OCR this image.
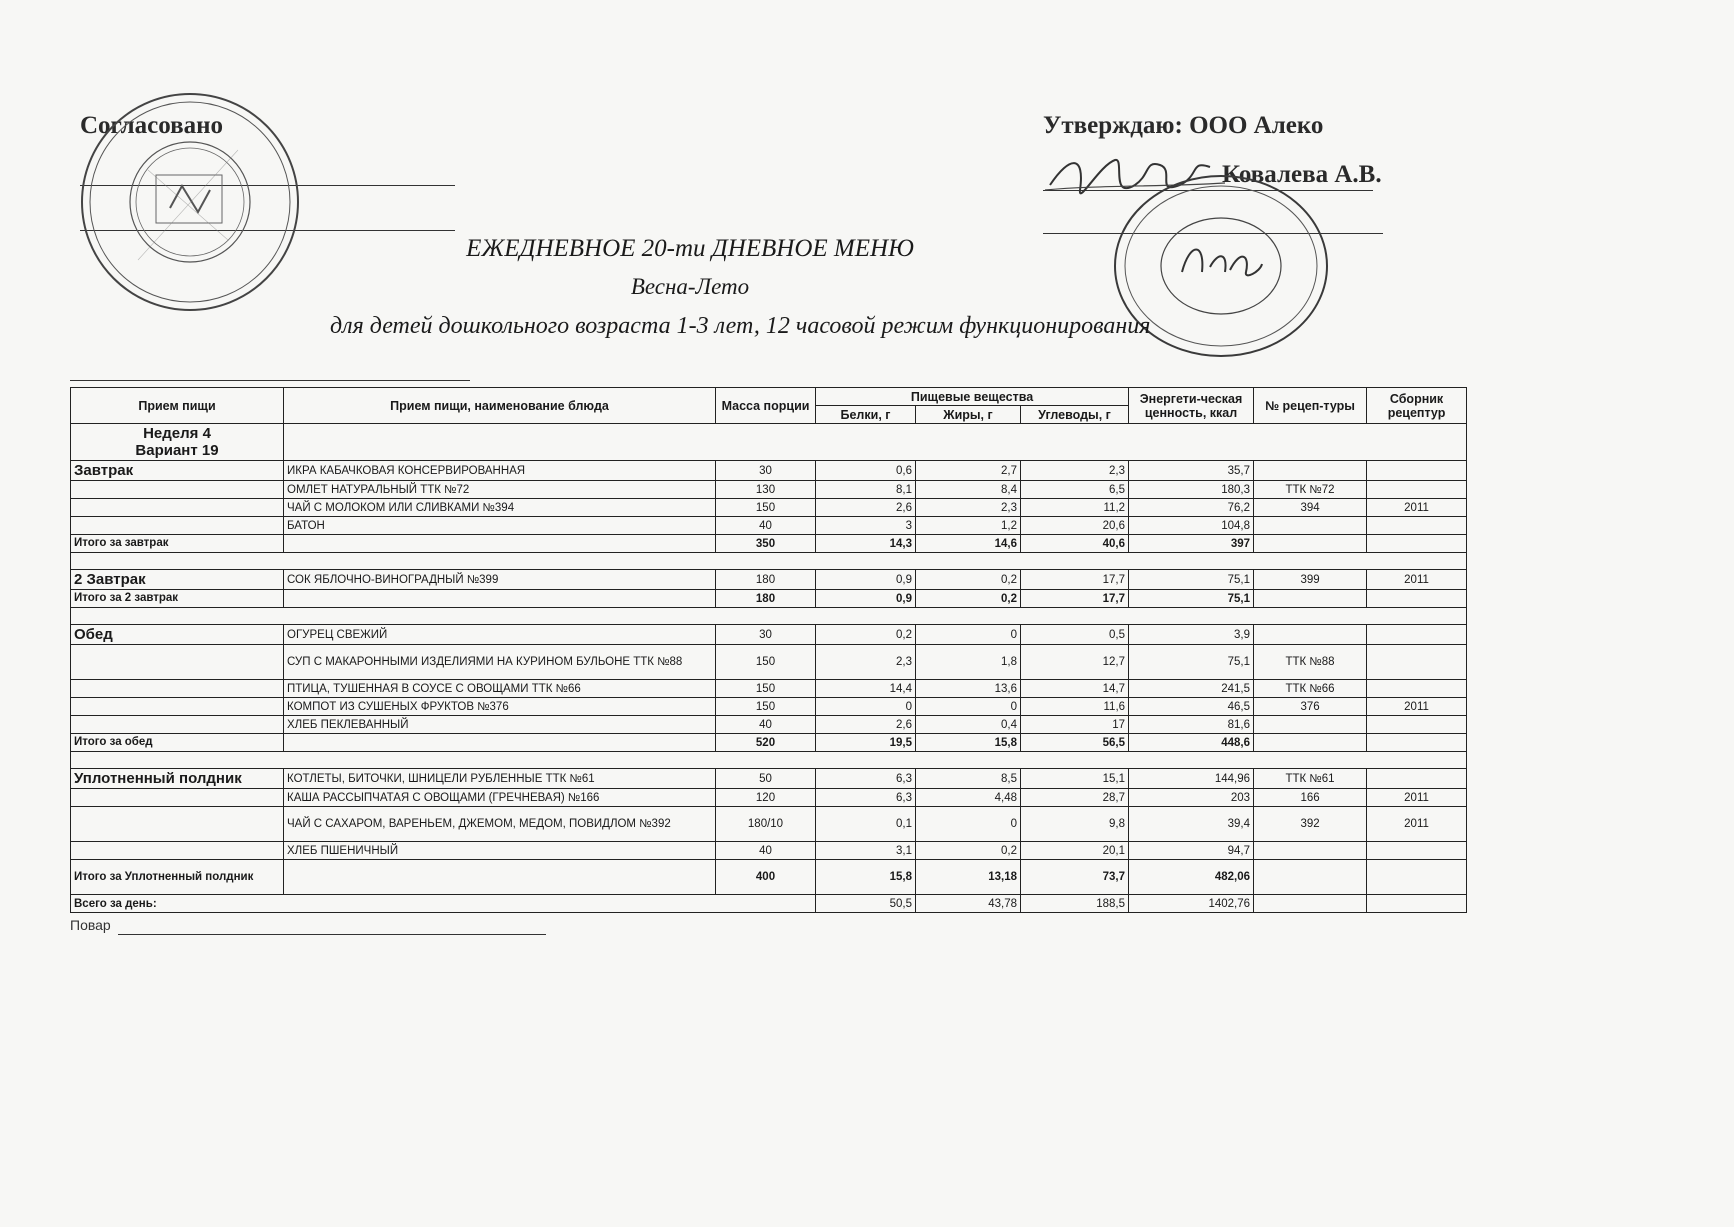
Согласовано	Утверждаю: ООО Алеко
Ковалева А.В.
ЕЖЕДНЕВНОЕ 20-ти ДНЕВНОЕ МЕНЮ
Весна-Лето
для детей дошкольного возраста 1-3 лет, 12 часовой режим функционирования
Прием пищи	Прием пищи, наименование блюда	Масса порции	Пищевые вещества			Энергети-ческая ценность, ккал	№ рецеп-туры	Сборник рецептур
			Белки, г	Жиры, г	Углеводы, г			
Неделя 4
Вариант 19								
Завтрак	ИКРА КАБАЧКОВАЯ КОНСЕРВИРОВАННАЯ	30	0,6	2,7	2,3	35,7		
	ОМЛЕТ НАТУРАЛЬНЫЙ ТТК №72	130	8,1	8,4	6,5	180,3	ТТК №72	
	ЧАЙ С МОЛОКОМ ИЛИ СЛИВКАМИ №394	150	2,6	2,3	11,2	76,2	394	2011
	БАТОН	40	3	1,2	20,6	104,8		
Итого за завтрак		350	14,3	14,6	40,6	397		

2 Завтрак	СОК ЯБЛОЧНО-ВИНОГРАДНЫЙ №399	180	0,9	0,2	17,7	75,1	399	2011
Итого за 2 завтрак		180	0,9	0,2	17,7	75,1		

Обед	ОГУРЕЦ СВЕЖИЙ	30	0,2	0	0,5	3,9		
	СУП С МАКАРОННЫМИ ИЗДЕЛИЯМИ НА КУРИНОМ БУЛЬОНЕ ТТК №88	150	2,3	1,8	12,7	75,1	ТТК №88	
	ПТИЦА, ТУШЕННАЯ В СОУСЕ С ОВОЩАМИ ТТК №66	150	14,4	13,6	14,7	241,5	ТТК №66	
	КОМПОТ ИЗ СУШЕНЫХ ФРУКТОВ №376	150	0	0	11,6	46,5	376	2011
	ХЛЕБ ПЕКЛЕВАННЫЙ	40	2,6	0,4	17	81,6		
Итого за обед		520	19,5	15,8	56,5	448,6		

Уплотненный полдник	КОТЛЕТЫ, БИТОЧКИ, ШНИЦЕЛИ РУБЛЕННЫЕ ТТК №61	50	6,3	8,5	15,1	144,96	ТТК №61	
	КАША РАССЫПЧАТАЯ С ОВОЩАМИ (ГРЕЧНЕВАЯ) №166	120	6,3	4,48	28,7	203	166	2011
	ЧАЙ С САХАРОМ, ВАРЕНЬЕМ, ДЖЕМОМ, МЕДОМ, ПОВИДЛОМ №392	180/10	0,1	0	9,8	39,4	392	2011
	ХЛЕБ ПШЕНИЧНЫЙ	40	3,1	0,2	20,1	94,7		
Итого за Уплотненный полдник		400	15,8	13,18	73,7	482,06		
Всего за день:			50,5	43,78	188,5	1402,76		
Повар
